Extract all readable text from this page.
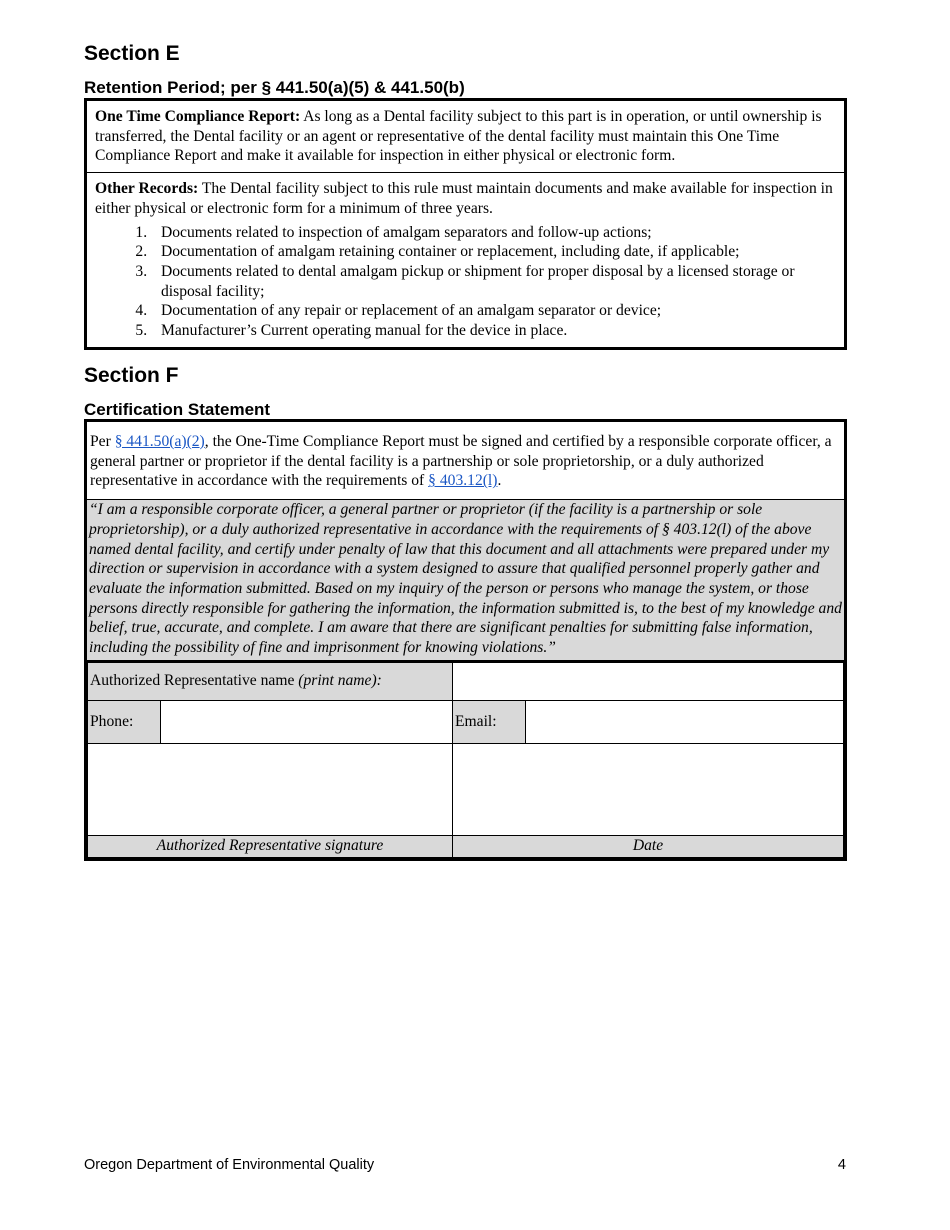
Section E
Retention Period; per § 441.50(a)(5) & 441.50(b)
One Time Compliance Report: As long as a Dental facility subject to this part is in operation, or until ownership is transferred, the Dental facility or an agent or representative of the dental facility must maintain this One Time Compliance Report and make it available for inspection in either physical or electronic form.
Other Records: The Dental facility subject to this rule must maintain documents and make available for inspection in either physical or electronic form for a minimum of three years.
1. Documents related to inspection of amalgam separators and follow-up actions;
2. Documentation of amalgam retaining container or replacement, including date, if applicable;
3. Documents related to dental amalgam pickup or shipment for proper disposal by a licensed storage or disposal facility;
4. Documentation of any repair or replacement of an amalgam separator or device;
5. Manufacturer’s Current operating manual for the device in place.
Section F
Certification Statement
Per § 441.50(a)(2), the One-Time Compliance Report must be signed and certified by a responsible corporate officer, a general partner or proprietor if the dental facility is a partnership or sole proprietorship, or a duly authorized representative in accordance with the requirements of § 403.12(l).
“I am a responsible corporate officer, a general partner or proprietor (if the facility is a partnership or sole proprietorship), or a duly authorized representative in accordance with the requirements of § 403.12(l) of the above named dental facility, and certify under penalty of law that this document and all attachments were prepared under my direction or supervision in accordance with a system designed to assure that qualified personnel properly gather and evaluate the information submitted. Based on my inquiry of the person or persons who manage the system, or those persons directly responsible for gathering the information, the information submitted is, to the best of my knowledge and belief, true, accurate, and complete. I am aware that there are significant penalties for submitting false information, including the possibility of fine and imprisonment for knowing violations.”
Authorized Representative name (print name):			
Phone:		Email:	

Authorized Representative signature		Date	
Oregon Department of Environmental Quality	4
